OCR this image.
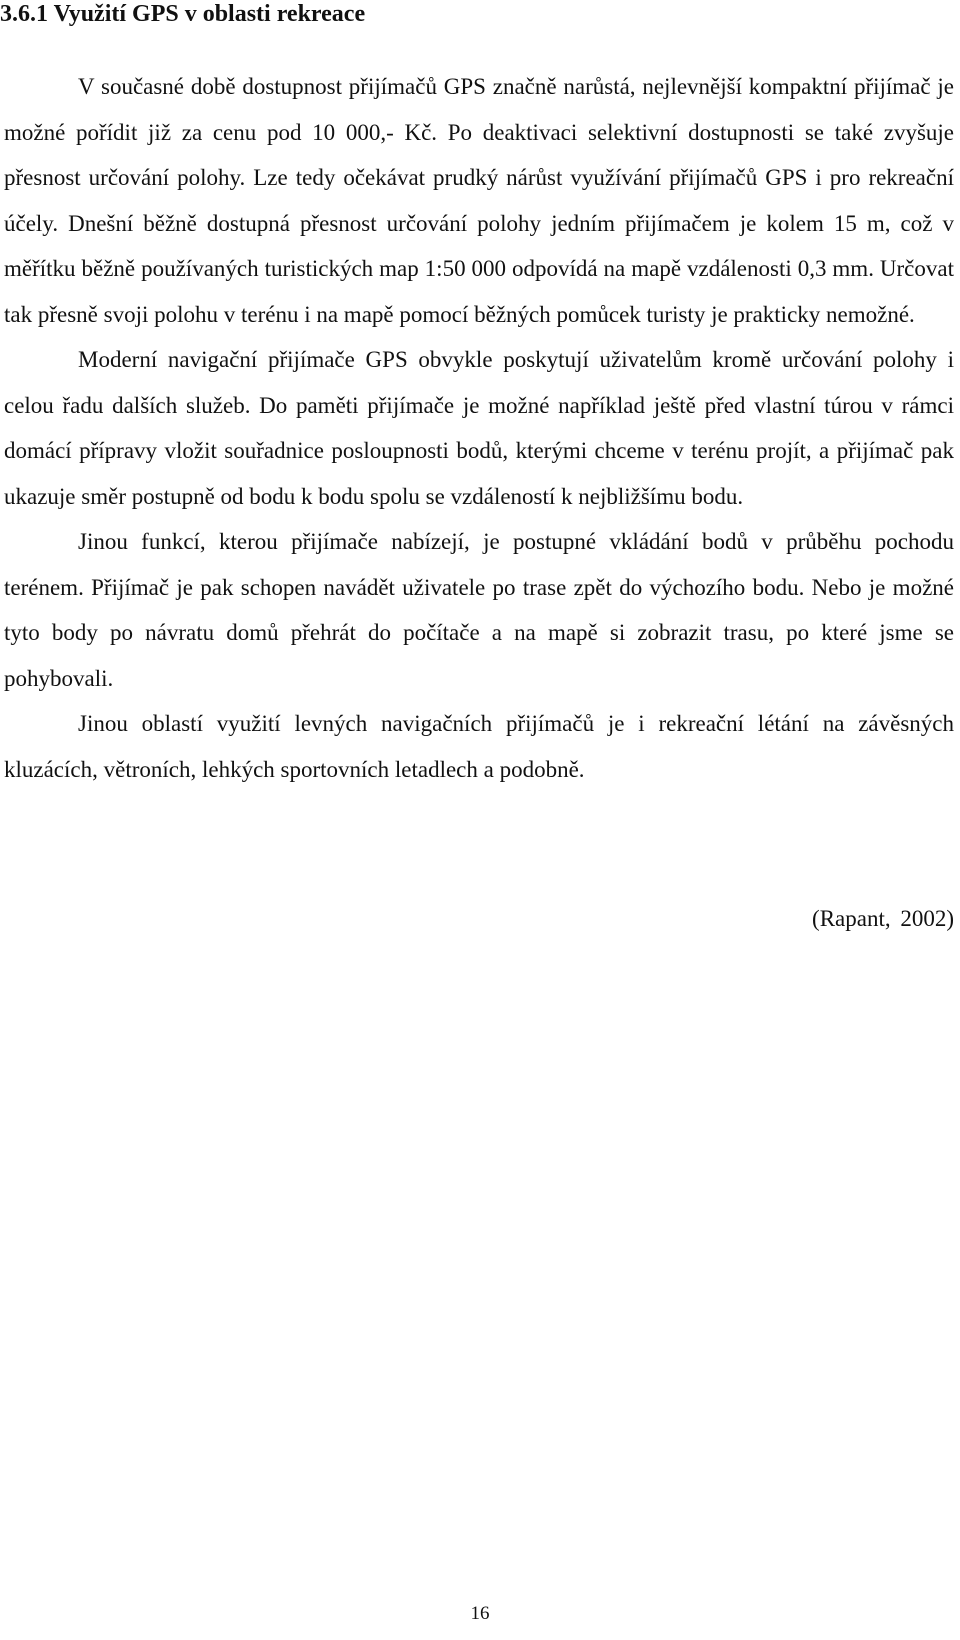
3.6.1 Využití GPS v oblasti rekreace

V současné době dostupnost přijímačů GPS značně narůstá, nejlevnější kompaktní přijímač je možné pořídit již za cenu pod 10 000,- Kč. Po deaktivaci selektivní dostupnosti se také zvyšuje přesnost určování polohy. Lze tedy očekávat prudký nárůst využívání přijímačů GPS i pro rekreační účely. Dnešní běžně dostupná přesnost určování polohy jedním přijímačem je kolem 15 m, což v měřítku běžně používaných turistických map 1:50 000 odpovídá na mapě vzdálenosti 0,3 mm. Určovat tak přesně svoji polohu v terénu i na mapě pomocí běžných pomůcek turisty je prakticky nemožné.

Moderní navigační přijímače GPS obvykle poskytují uživatelům kromě určování polohy i celou řadu dalších služeb. Do paměti přijímače je možné například ještě před vlastní túrou v rámci domácí přípravy vložit souřadnice posloupnosti bodů, kterými chceme v terénu projít, a přijímač pak ukazuje směr postupně od bodu k bodu spolu se vzdáleností k nejbližšímu bodu.

Jinou funkcí, kterou přijímače nabízejí, je postupné vkládání bodů v průběhu pochodu terénem. Přijímač je pak schopen navádět uživatele po trase zpět do výchozího bodu. Nebo je možné tyto body po návratu domů přehrát do počítače a na mapě si zobrazit trasu, po které jsme se pohybovali.

Jinou oblastí využití levných navigačních přijímačů je i rekreační létání na závěsných kluzácích, větroních, lehkých sportovních letadlech a podobně.

(Rapant, 2002)
16
